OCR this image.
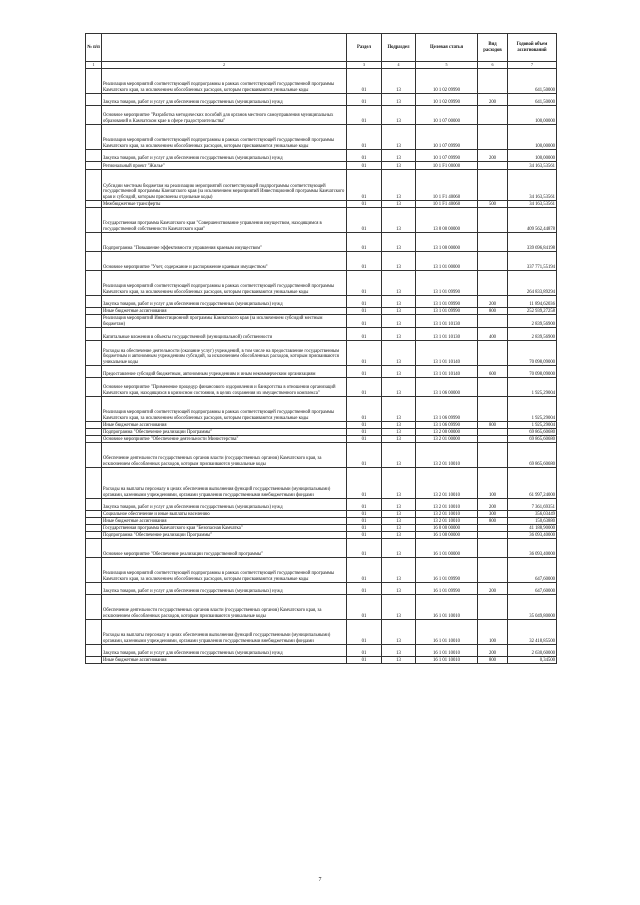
№ п/п		Раздел	Подраздел	Целевая статья	Вид расходов	Годовой объем ассигнований
1	2	3	4	5	6	7
	Реализация мероприятий соответствующей подпрограммы в рамках соответствующей государственной программы Камчатского края, за исключением обособленных расходов, которым присваиваются уникальные коды	01	13	10 1 02 09990		641,50000
	Закупка товаров, работ и услуг для обеспечения государственных (муниципальных) нужд	01	13	10 1 02 09990	200	641,50000
	Основное мероприятие "Разработка методических пособий для органов местного самоуправления муниципальных образований в Камчатском крае в сфере градостроительства"	01	13	10 1 07 00000		100,00000
	Реализация мероприятий соответствующей подпрограммы в рамках соответствующей государственной программы Камчатского края, за исключением обособленных расходов, которым присваиваются уникальные коды	01	13	10 1 07 09990		100,00000
	Закупка товаров, работ и услуг для обеспечения государственных (муниципальных) нужд	01	13	10 1 07 09990	200	100,00000
	Региональный проект "Жилье"	01	13	10 1 F1 00000		34 163,53561
	Субсидии местным бюджетам на реализацию мероприятий соответствующей подпрограммы соответствующей государственной программы Камчатского края (за исключением мероприятий Инвестиционной программы Камчатского края и субсидий, которым присвоены отдельные коды)	01	13	10 1 F1 40060		34 163,53561
	Межбюджетные трансферты	01	13	10 1 F1 40060	500	34 163,53561
	Государственная программа Камчатского края "Совершенствование управления имуществом, находящимся в государственной собственности Камчатского края"	01	13	13 0 00 00000		409 562,44878
	Подпрограмма "Повышение эффективности управления краевым имуществом"	01	13	13 1 00 00000		339 696,84198
	Основное мероприятие "Учет, содержание и распоряжение краевым имуществом"	01	13	13 1 01 00000		337 771,55194
	Реализация мероприятий соответствующей подпрограммы в рамках соответствующей государственной программы Камчатского края, за исключением обособленных расходов, которым присваиваются уникальные коды	01	13	13 1 01 09990		264 833,89294
	Закупка товаров, работ и услуг для обеспечения государственных (муниципальных) нужд	01	13	13 1 01 09990	200	11 894,62036
	Иные бюджетные ассигнования	01	13	13 1 01 09990	800	252 939,27258
	Реализация мероприятий Инвестиционной программы Камчатского края (за исключением субсидий местным бюджетам)	01	13	13 1 01 10130		2 839,56900
	Капитальные вложения в объекты государственной (муниципальной) собственности	01	13	13 1 01 10130	400	2 839,56900
	Расходы на обеспечение деятельности (оказание услуг) учреждений, в том числе на предоставление государственным бюджетным и автономным учреждениям субсидий, за исключением обособленных расходов, которым присваиваются уникальные коды	01	13	13 1 01 10140		70 098,09000
	Предоставление субсидий бюджетным, автономным учреждениям и иным некоммерческим организациям	01	13	13 1 01 10140	600	70 098,09000
	Основное мероприятие "Применение процедур финансового оздоровления и банкротства в отношении организаций Камчатского края, находящихся в кризисном состоянии, в целях сохранения их имущественного комплекса"	01	13	13 1 06 00000		1 925,29004
	Реализация мероприятий соответствующей подпрограммы в рамках соответствующей государственной программы Камчатского края, за исключением обособленных расходов, которым присваиваются уникальные коды	01	13	13 1 06 09990		1 925,29004
	Иные бюджетные ассигнования	01	13	13 1 06 09990	800	1 925,29004
	Подпрограмма "Обеспечение реализации Программы"	01	13	13 2 00 00000		69 865,60680
	Основное мероприятие "Обеспечение деятельности Министерства"	01	13	13 2 01 00000		69 865,60680
	Обеспечение деятельности государственных органов власти (государственных органов) Камчатского края, за исключением обособленных расходов, которым присваиваются уникальные коды	01	13	13 2 01 10010		69 865,60680
	Расходы на выплаты персоналу в целях обеспечения выполнения функций государственными (муниципальными) органами, казенными учреждениями, органами управления государственными внебюджетными фондами	01	13	13 2 01 10010	100	61 997,24000
	Закупка товаров, работ и услуг для обеспечения государственных (муниципальных) нужд	01	13	13 2 01 10010	200	7 361,69351
	Социальное обеспечение и иные выплаты населению	01	13	13 2 01 10010	300	356,03449
	Иные бюджетные ассигнования	01	13	13 2 01 10010	800	150,63880
	Государственная программа Камчатского края "Безопасная Камчатка"	01	13	16 0 00 00000		41 188,90000
	Подпрограмма "Обеспечение реализации Программы"	01	13	16 1 00 00000		36 093,40000
	Основное мероприятие "Обеспечение реализации государственной программы"	01	13	16 1 01 00000		36 093,40000
	Реализация мероприятий соответствующей подпрограммы в рамках соответствующей государственной программы Камчатского края, за исключением обособленных расходов, которым присваиваются уникальные коды	01	13	16 1 01 09990		647,60000
	Закупка товаров, работ и услуг для обеспечения государственных (муниципальных) нужд	01	13	16 1 01 09990	200	647,60000
	Обеспечение деятельности государственных органов власти (государственных органов) Камчатского края, за исключением обособленных расходов, которым присваиваются уникальные коды	01	13	16 1 01 10010		35 049,80000
	Расходы на выплаты персоналу в целях обеспечения выполнения функций государственными (муниципальными) органами, казенными учреждениями, органами управления государственными внебюджетными фондами	01	13	16 1 01 10010	100	32 418,85500
	Закупка товаров, работ и услуг для обеспечения государственных (муниципальных) нужд	01	13	16 1 01 10010	200	2 630,60000
	Иные бюджетные ассигнования	01	13	16 1 01 10010	800	0,34500
7
